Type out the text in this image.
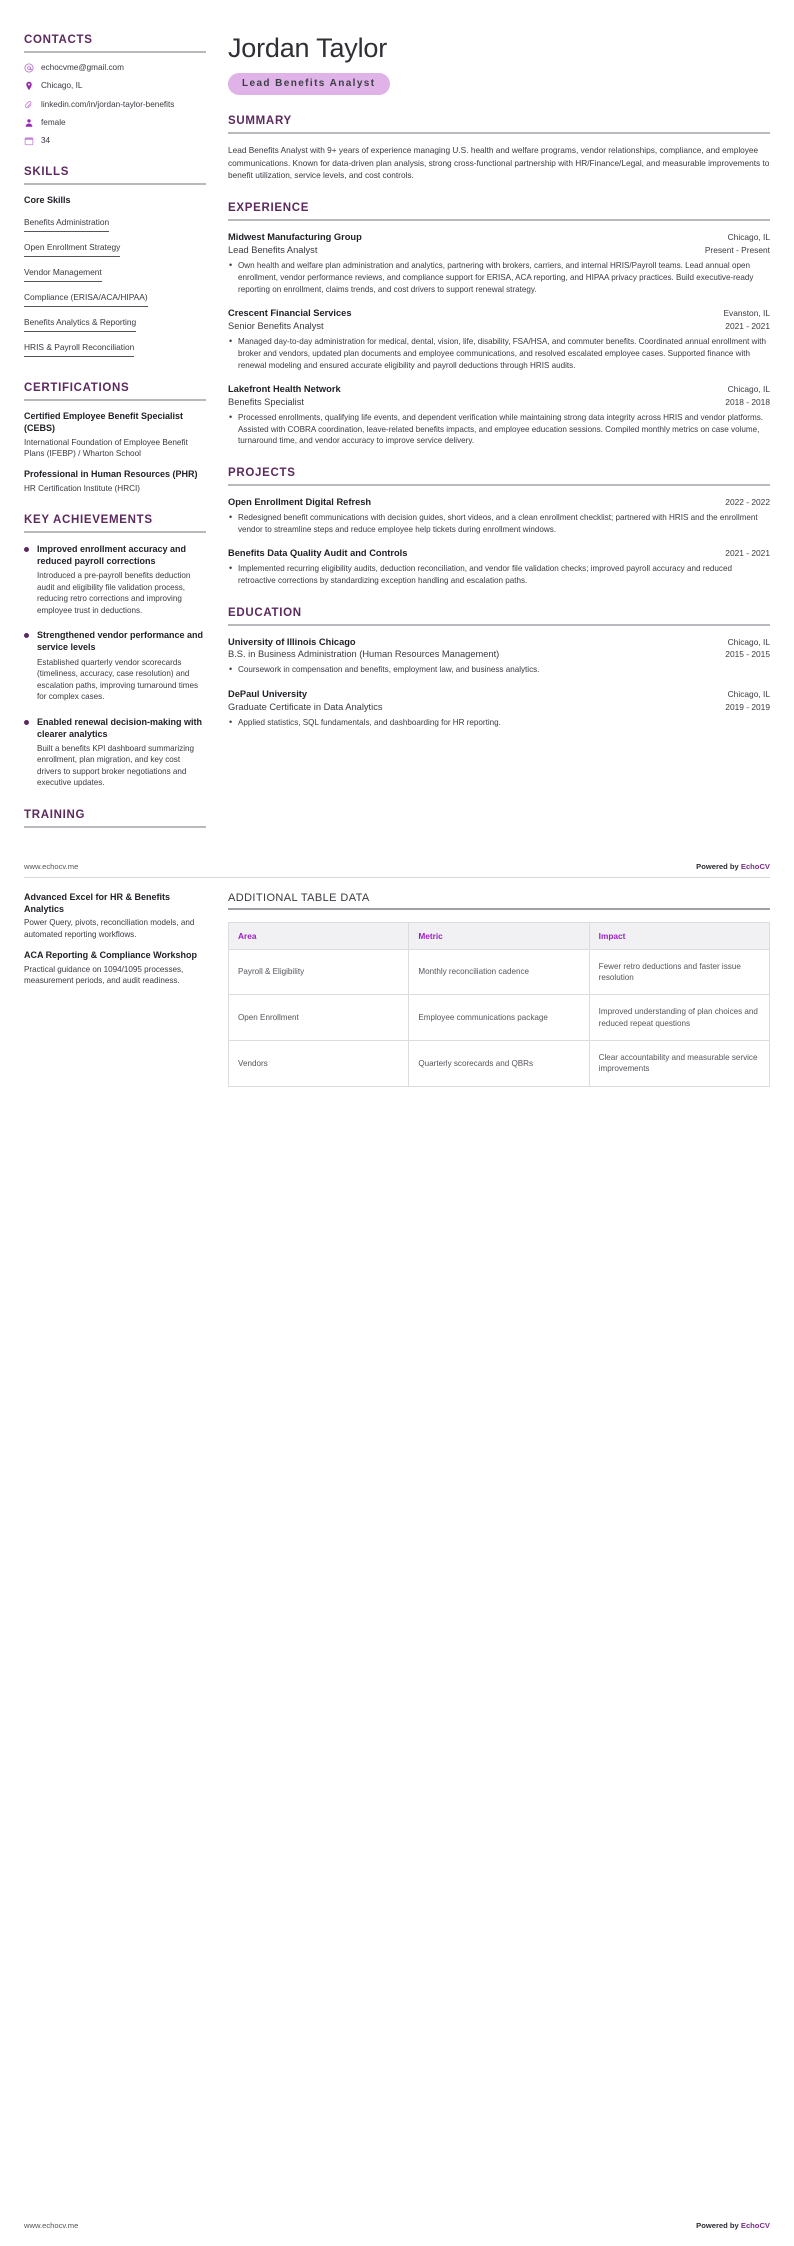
CONTACTS
echocvme@gmail.com
Chicago, IL
linkedin.com/in/jordan-taylor-benefits
female
34
SKILLS
Core Skills
Benefits Administration
Open Enrollment Strategy
Vendor Management
Compliance (ERISA/ACA/HIPAA)
Benefits Analytics & Reporting
HRIS & Payroll Reconciliation
CERTIFICATIONS
Certified Employee Benefit Specialist (CEBS)
International Foundation of Employee Benefit Plans (IFEBP) / Wharton School
Professional in Human Resources (PHR)
HR Certification Institute (HRCI)
KEY ACHIEVEMENTS
Improved enrollment accuracy and reduced payroll corrections
Introduced a pre-payroll benefits deduction audit and eligibility file validation process, reducing retro corrections and improving employee trust in deductions.
Strengthened vendor performance and service levels
Established quarterly vendor scorecards (timeliness, accuracy, case resolution) and escalation paths, improving turnaround times for complex cases.
Enabled renewal decision-making with clearer analytics
Built a benefits KPI dashboard summarizing enrollment, plan migration, and key cost drivers to support broker negotiations and executive updates.
TRAINING
Jordan Taylor
Lead Benefits Analyst
SUMMARY
Lead Benefits Analyst with 9+ years of experience managing U.S. health and welfare programs, vendor relationships, compliance, and employee communications. Known for data-driven plan analysis, strong cross-functional partnership with HR/Finance/Legal, and measurable improvements to benefit utilization, service levels, and cost controls.
EXPERIENCE
Midwest Manufacturing Group	Chicago, IL
Lead Benefits Analyst	Present - Present
• Own health and welfare plan administration and analytics, partnering with brokers, carriers, and internal HRIS/Payroll teams. Lead annual open enrollment, vendor performance reviews, and compliance support for ERISA, ACA reporting, and HIPAA privacy practices. Build executive-ready reporting on enrollment, claims trends, and cost drivers to support renewal strategy.
Crescent Financial Services	Evanston, IL
Senior Benefits Analyst	2021 - 2021
• Managed day-to-day administration for medical, dental, vision, life, disability, FSA/HSA, and commuter benefits. Coordinated annual enrollment with broker and vendors, updated plan documents and employee communications, and resolved escalated employee cases. Supported finance with renewal modeling and ensured accurate eligibility and payroll deductions through HRIS audits.
Lakefront Health Network	Chicago, IL
Benefits Specialist	2018 - 2018
• Processed enrollments, qualifying life events, and dependent verification while maintaining strong data integrity across HRIS and vendor platforms. Assisted with COBRA coordination, leave-related benefits impacts, and employee education sessions. Compiled monthly metrics on case volume, turnaround time, and vendor accuracy to improve service delivery.
PROJECTS
Open Enrollment Digital Refresh	2022 - 2022
• Redesigned benefit communications with decision guides, short videos, and a clean enrollment checklist; partnered with HRIS and the enrollment vendor to streamline steps and reduce employee help tickets during enrollment windows.
Benefits Data Quality Audit and Controls	2021 - 2021
• Implemented recurring eligibility audits, deduction reconciliation, and vendor file validation checks; improved payroll accuracy and reduced retroactive corrections by standardizing exception handling and escalation paths.
EDUCATION
University of Illinois Chicago	Chicago, IL
B.S. in Business Administration (Human Resources Management)	2015 - 2015
• Coursework in compensation and benefits, employment law, and business analytics.
DePaul University	Chicago, IL
Graduate Certificate in Data Analytics	2019 - 2019
• Applied statistics, SQL fundamentals, and dashboarding for HR reporting.
www.echocv.me	Powered by EchoCV
Advanced Excel for HR & Benefits Analytics
Power Query, pivots, reconciliation models, and automated reporting workflows.
ACA Reporting & Compliance Workshop
Practical guidance on 1094/1095 processes, measurement periods, and audit readiness.
ADDITIONAL TABLE DATA
Area	Metric	Impact
Payroll & Eligibility	Monthly reconciliation cadence	Fewer retro deductions and faster issue resolution
Open Enrollment	Employee communications package	Improved understanding of plan choices and reduced repeat questions
Vendors	Quarterly scorecards and QBRs	Clear accountability and measurable service improvements
www.echocv.me	Powered by EchoCV
